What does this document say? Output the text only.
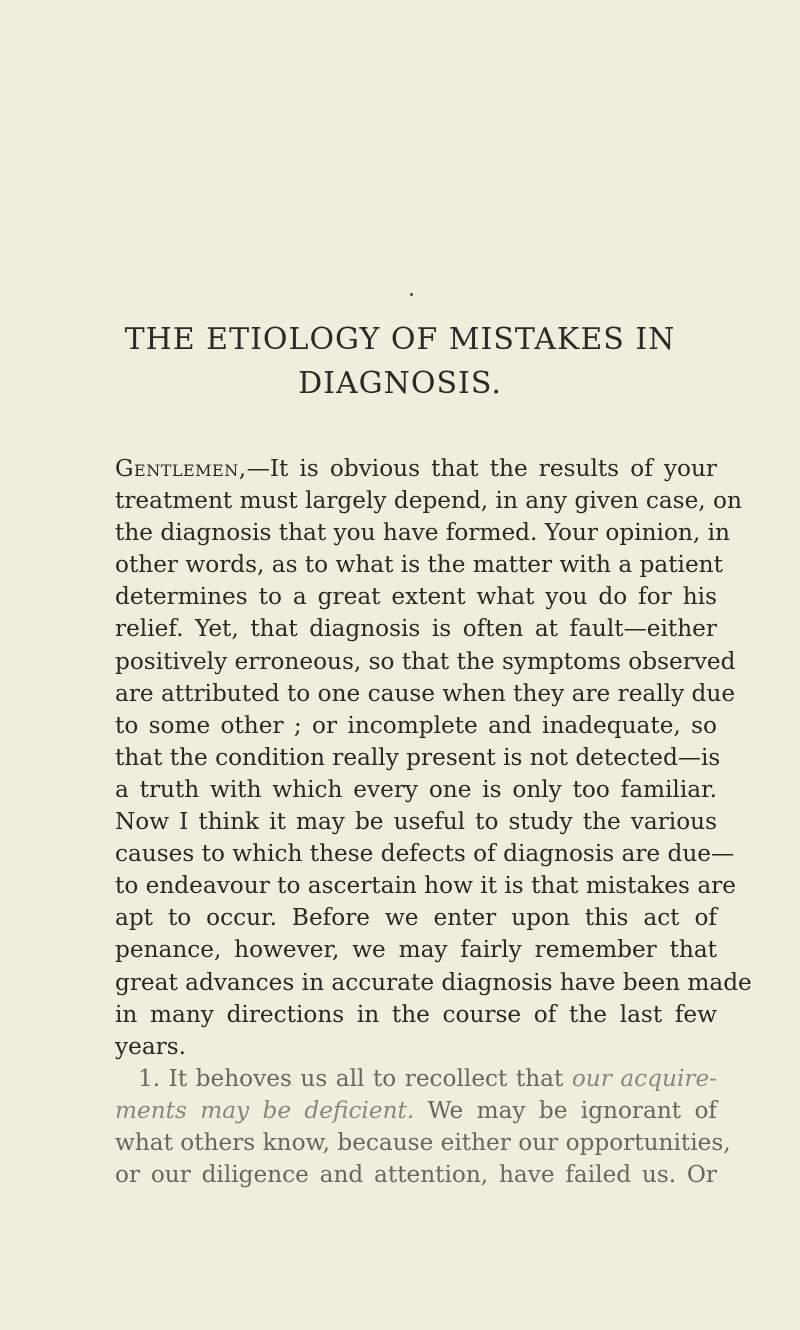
THE ETIOLOGY OF MISTAKES IN
DIAGNOSIS.
Gentlemen,—It is obvious that the results of your
treatment must largely depend, in any given case, on
the diagnosis that you have formed. Your opinion, in
other words, as to what is the matter with a patient
determines to a great extent what you do for his
relief. Yet, that diagnosis is often at fault—either
positively erroneous, so that the symptoms observed
are attributed to one cause when they are really due
to some other ; or incomplete and inadequate, so
that the condition really present is not detected—is
a truth with which every one is only too familiar.
Now I think it may be useful to study the various
causes to which these defects of diagnosis are due—
to endeavour to ascertain how it is that mistakes are
apt to occur. Before we enter upon this act of
penance, however, we may fairly remember that
great advances in accurate diagnosis have been made
in many directions in the course of the last few
years.
1. It behoves us all to recollect that our acquire-
ments may be deficient. We may be ignorant of
what others know, because either our opportunities,
or our diligence and attention, have failed us. Or
